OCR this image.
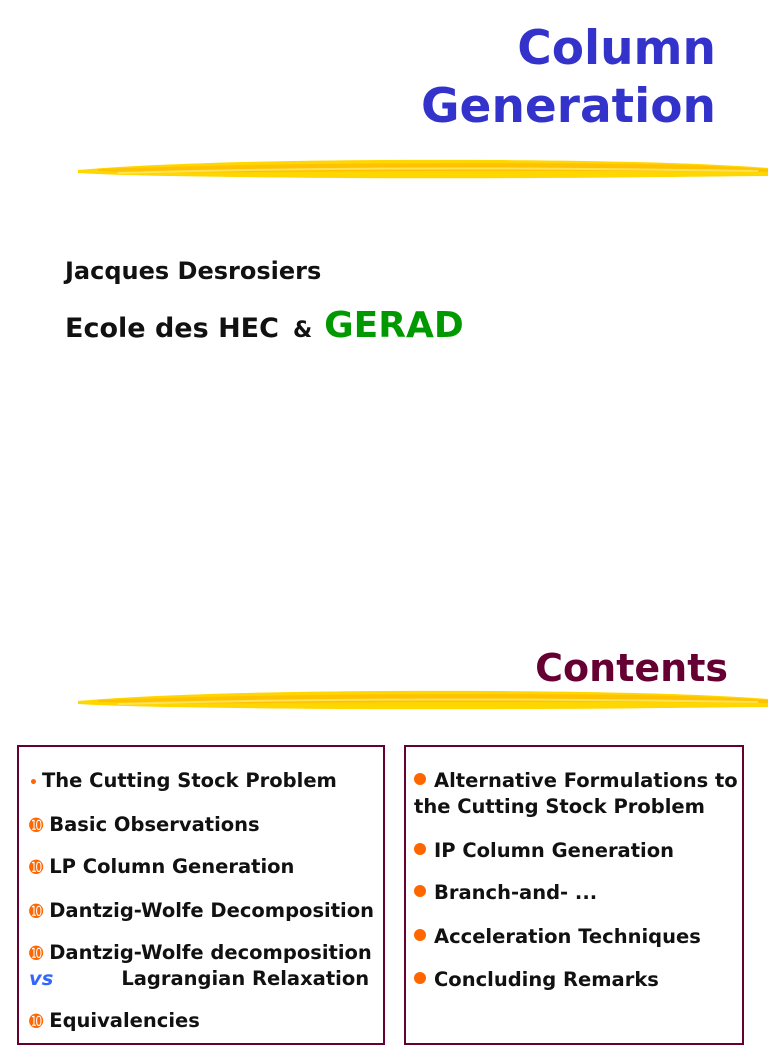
Column
Generation
Jacques Desrosiers
Ecole des HEC & GERAD
Contents
• The Cutting Stock Problem
➓ Basic Observations
➓ LP Column Generation
➓ Dantzig-Wolfe Decomposition
➓ Dantzig-Wolfe decomposition
vs	Lagrangian Relaxation
➓ Equivalencies
Alternative Formulations to
the Cutting Stock Problem
IP Column Generation
Branch-and- ...
Acceleration Techniques
Concluding Remarks
